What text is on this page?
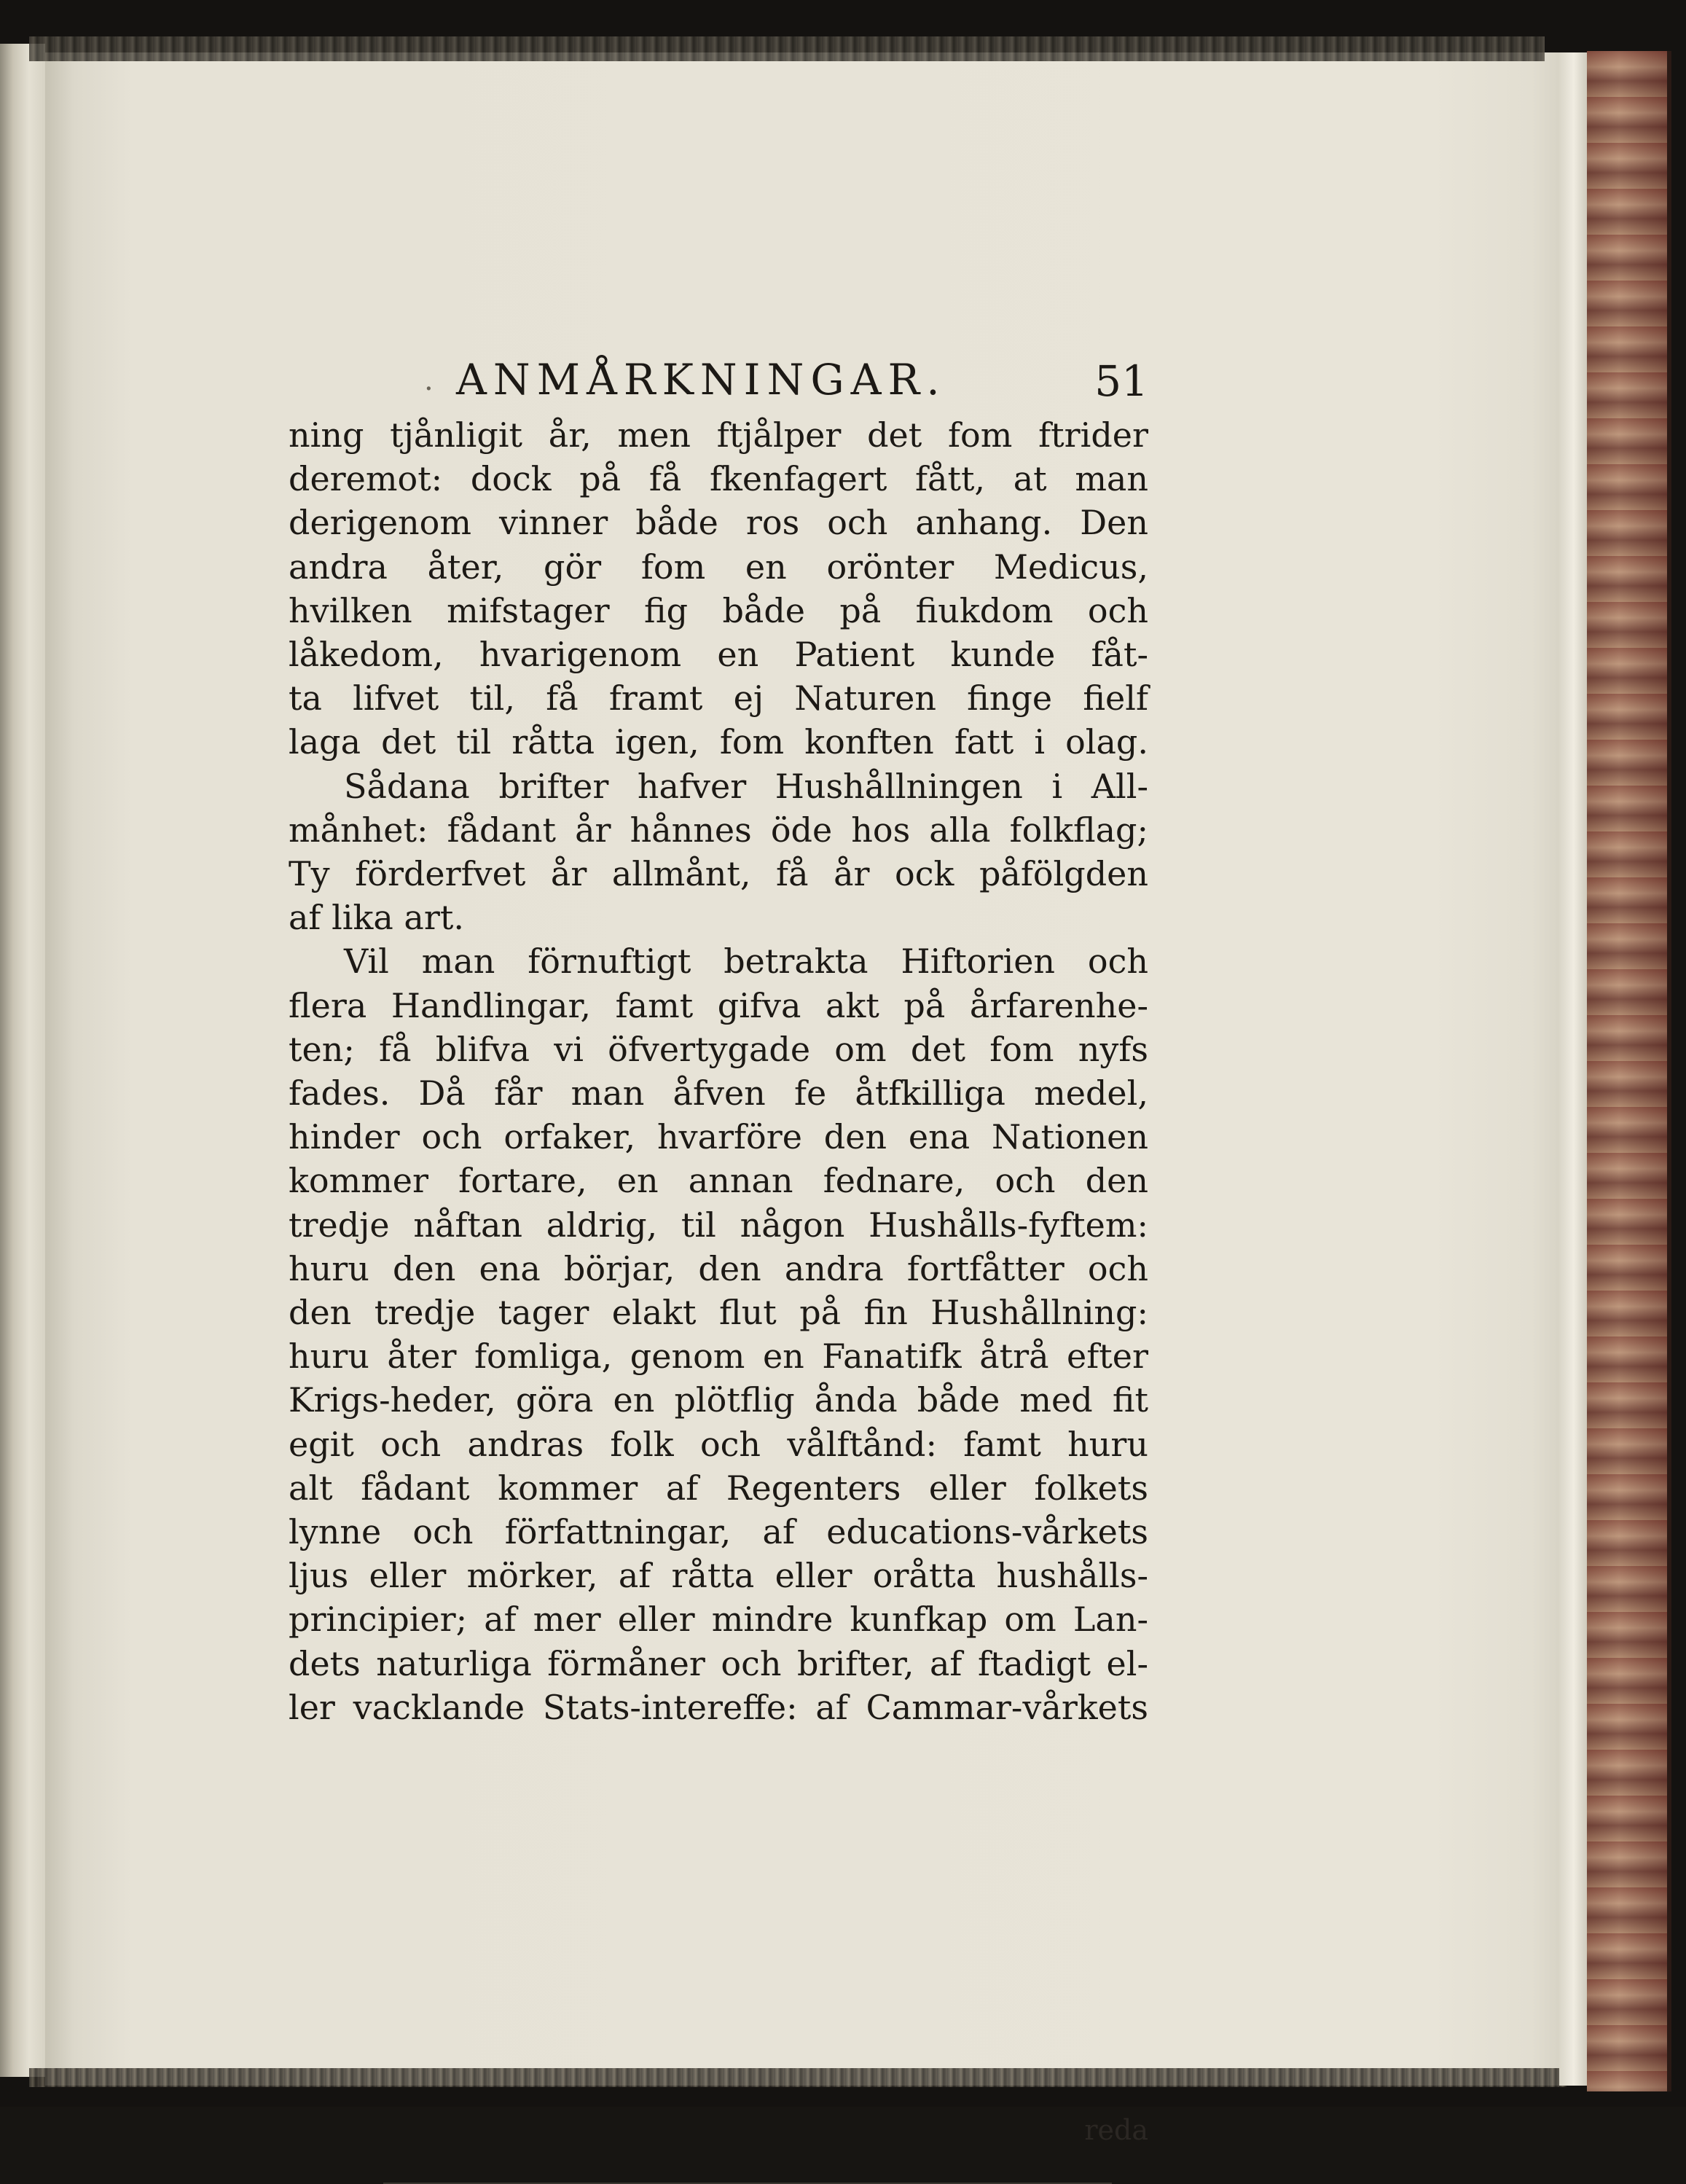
. ANMÅRKNINGAR.	51
ning tjånligit år, men ftjålper det fom ftrider
deremot: dock på få fkenfagert fått, at man
derigenom vinner både ros och anhang. Den
andra åter, gör fom en orönter Medicus,
hvilken mifstager fig både på fiukdom och
låkedom, hvarigenom en Patient kunde fåt-
ta lifvet til, få framt ej Naturen finge fielf
laga det til råtta igen, fom konften fatt i olag.
Sådana brifter hafver Hushållningen i All-
månhet: fådant år hånnes öde hos alla folkflag;
Ty förderfvet år allmånt, få år ock påfölgden
af lika art.
Vil man förnuftigt betrakta Hiftorien och
flera Handlingar, famt gifva akt på årfarenhe-
ten; få blifva vi öfvertygade om det fom nyfs
fades. Då får man åfven fe åtfkilliga medel,
hinder och orfaker, hvarföre den ena Nationen
kommer fortare, en annan fednare, och den
tredje nåftan aldrig, til någon Hushålls-fyftem:
huru den ena börjar, den andra fortfåtter och
den tredje tager elakt flut på fin Hushållning:
huru åter fomliga, genom en Fanatifk åtrå efter
Krigs-heder, göra en plötflig ånda både med fit
egit och andras folk och vålftånd: famt huru
alt fådant kommer af Regenters eller folkets
lynne och författningar, af educations-vårkets
ljus eller mörker, af råtta eller oråtta hushålls-
principier; af mer eller mindre kunfkap om Lan-
dets naturliga förmåner och brifter, af ftadigt el-
ler vacklande Stats-intereffe: af Cammar-vårkets
reda
